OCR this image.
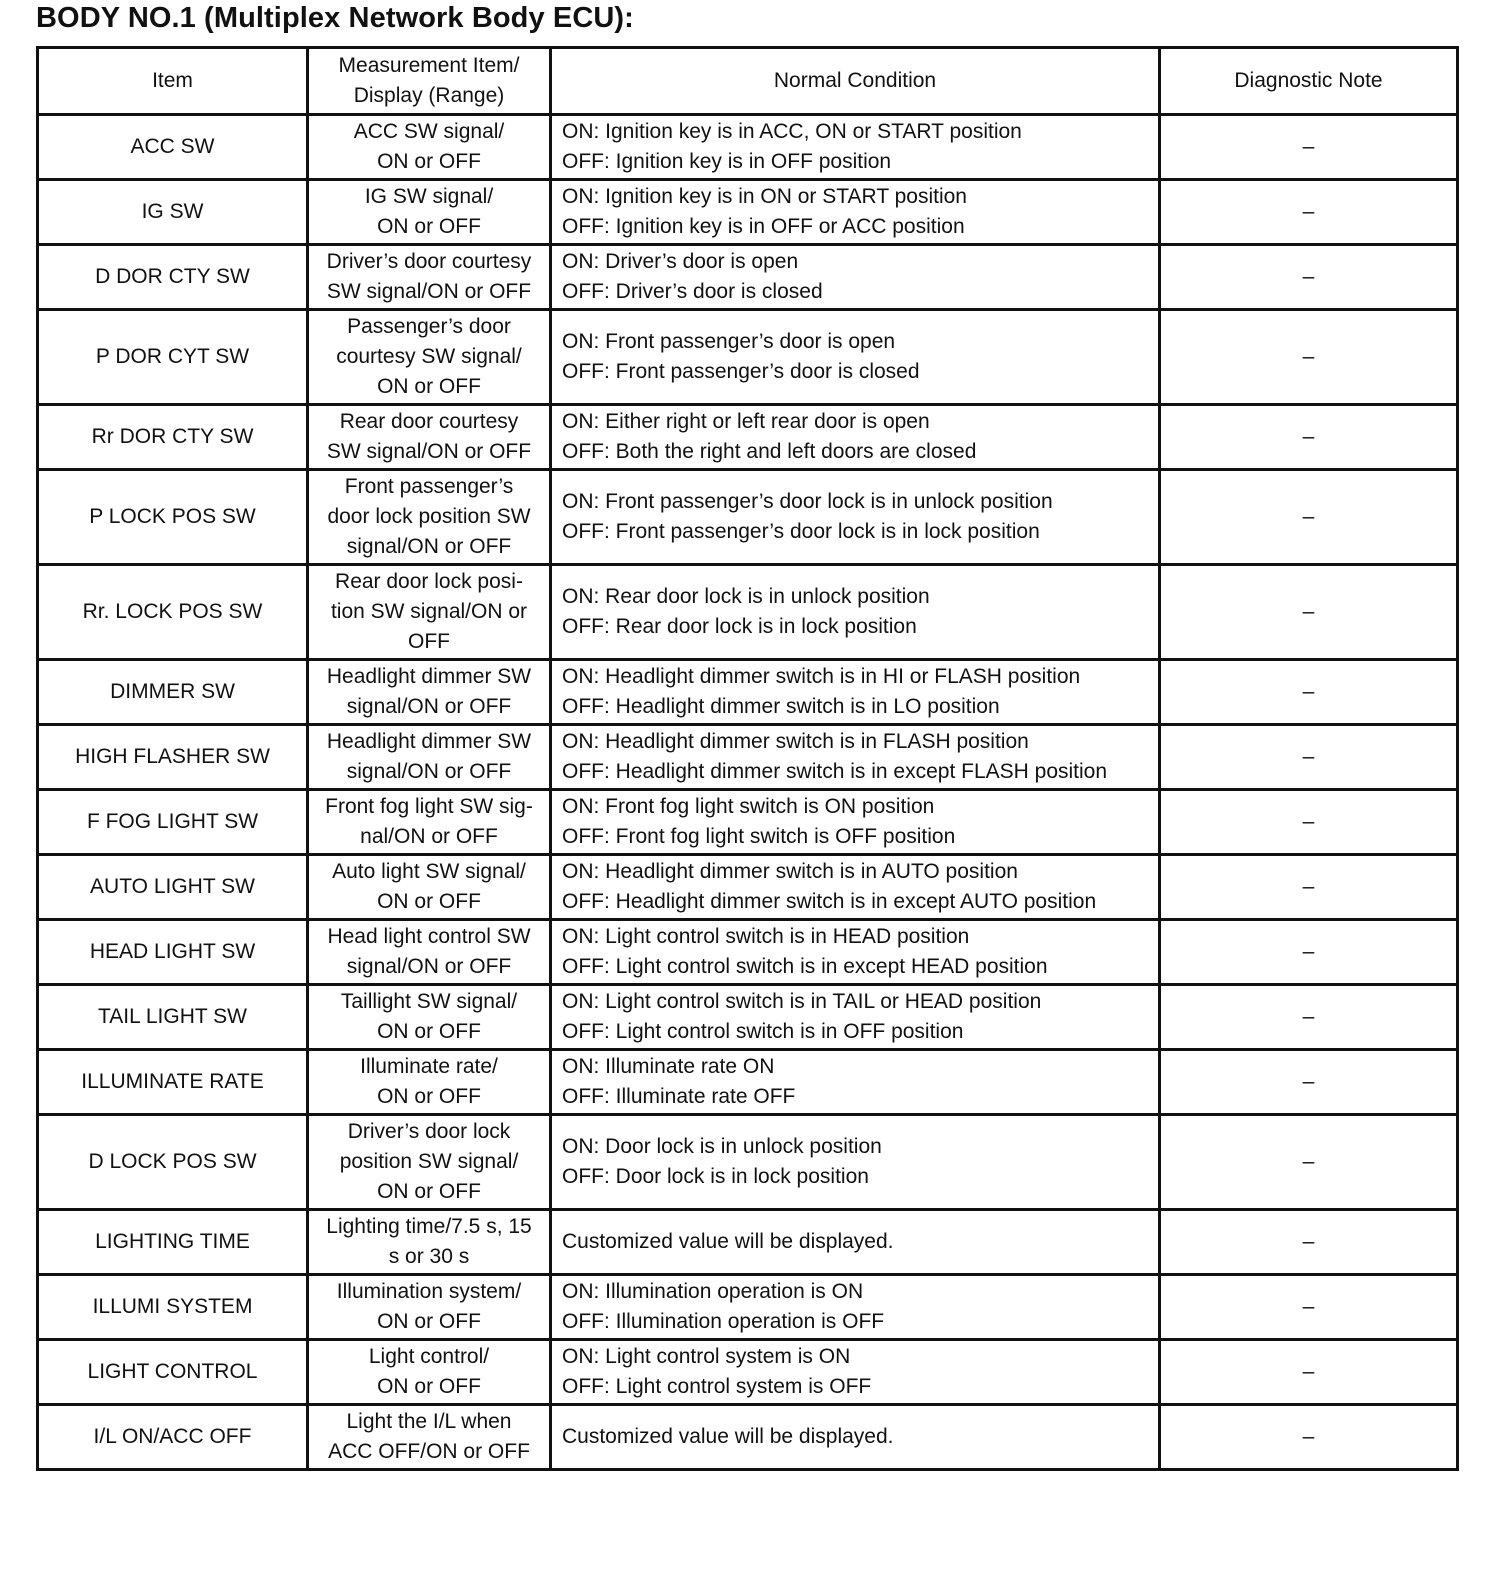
BODY NO.1 (Multiplex Network Body ECU):
Item	Measurement Item/
Display (Range)	Normal Condition	Diagnostic Note
ACC SW	ACC SW signal/
ON or OFF	ON: Ignition key is in ACC, ON or START position
OFF: Ignition key is in OFF position	–
IG SW	IG SW signal/
ON or OFF	ON: Ignition key is in ON or START position
OFF: Ignition key is in OFF or ACC position	–
D DOR CTY SW	Driver’s door courtesy
SW signal/ON or OFF	ON: Driver’s door is open
OFF: Driver’s door is closed	–
P DOR CYT SW	Passenger’s door
courtesy SW signal/
ON or OFF	ON: Front passenger’s door is open
OFF: Front passenger’s door is closed	–
Rr DOR CTY SW	Rear door courtesy
SW signal/ON or OFF	ON: Either right or left rear door is open
OFF: Both the right and left doors are closed	–
P LOCK POS SW	Front passenger’s
door lock position SW
signal/ON or OFF	ON: Front passenger’s door lock is in unlock position
OFF: Front passenger’s door lock is in lock position	–
Rr. LOCK POS SW	Rear door lock posi-
tion SW signal/ON or
OFF	ON: Rear door lock is in unlock position
OFF: Rear door lock is in lock position	–
DIMMER SW	Headlight dimmer SW
signal/ON or OFF	ON: Headlight dimmer switch is in HI or FLASH position
OFF: Headlight dimmer switch is in LO position	–
HIGH FLASHER SW	Headlight dimmer SW
signal/ON or OFF	ON: Headlight dimmer switch is in FLASH position
OFF: Headlight dimmer switch is in except FLASH position	–
F FOG LIGHT SW	Front fog light SW sig-
nal/ON or OFF	ON: Front fog light switch is ON position
OFF: Front fog light switch is OFF position	–
AUTO LIGHT SW	Auto light SW signal/
ON or OFF	ON: Headlight dimmer switch is in AUTO position
OFF: Headlight dimmer switch is in except AUTO position	–
HEAD LIGHT SW	Head light control SW
signal/ON or OFF	ON: Light control switch is in HEAD position
OFF: Light control switch is in except HEAD position	–
TAIL LIGHT SW	Taillight SW signal/
ON or OFF	ON: Light control switch is in TAIL or HEAD position
OFF: Light control switch is in OFF position	–
ILLUMINATE RATE	Illuminate rate/
ON or OFF	ON: Illuminate rate ON
OFF: Illuminate rate OFF	–
D LOCK POS SW	Driver’s door lock
position SW signal/
ON or OFF	ON: Door lock is in unlock position
OFF: Door lock is in lock position	–
LIGHTING TIME	Lighting time/7.5 s, 15
s or 30 s	Customized value will be displayed.	–
ILLUMI SYSTEM	Illumination system/
ON or OFF	ON: Illumination operation is ON
OFF: Illumination operation is OFF	–
LIGHT CONTROL	Light control/
ON or OFF	ON: Light control system is ON
OFF: Light control system is OFF	–
I/L ON/ACC OFF	Light the I/L when
ACC OFF/ON or OFF	Customized value will be displayed.	–
